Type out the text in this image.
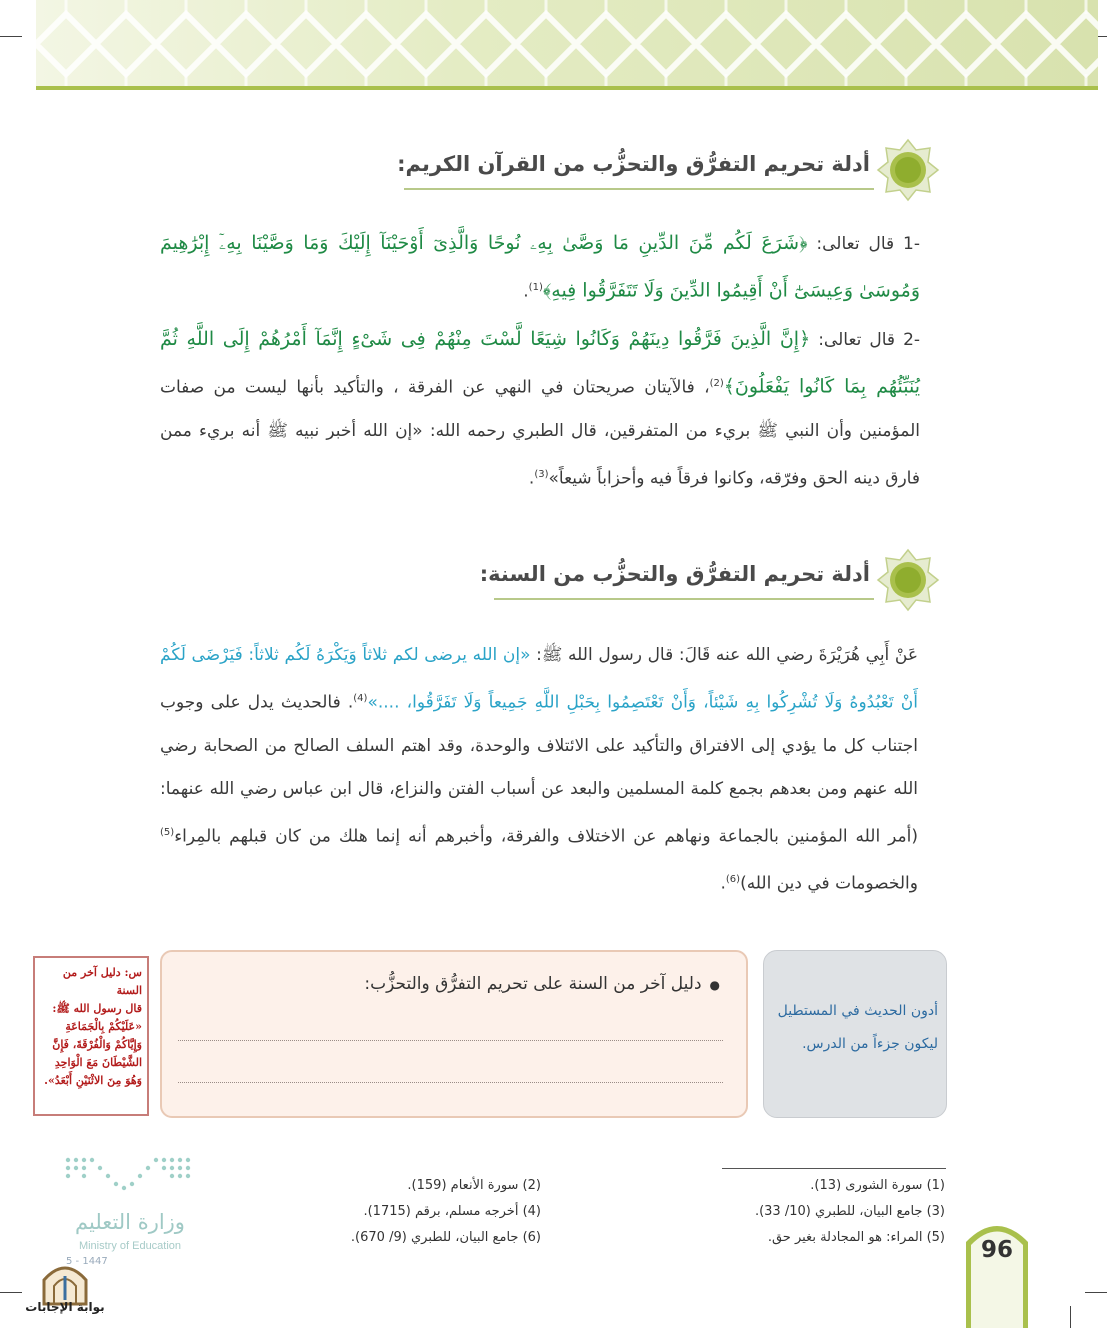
أدلة تحريم التفرُّق والتحزُّب من القرآن الكريم:
-1 قال تعالى: ﴿شَرَعَ لَكُم مِّنَ الدِّينِ مَا وَصَّىٰ بِهِۦ نُوحًا وَالَّذِىٓ أَوْحَيْنَآ إِلَيْكَ وَمَا وَصَّيْنَا بِهِۦٓ إِبْرَٰهِيمَ وَمُوسَىٰ وَعِيسَىٰٓ أَنْ أَقِيمُوا الدِّينَ وَلَا تَتَفَرَّقُوا فِيهِ﴾$^{(1)}$.
-2 قال تعالى: ﴿إِنَّ الَّذِينَ فَرَّقُوا دِينَهُمْ وَكَانُوا شِيَعًا لَّسْتَ مِنْهُمْ فِى شَىْءٍ إِنَّمَآ أَمْرُهُمْ إِلَى اللَّهِ ثُمَّ يُنَبِّئُهُم بِمَا كَانُوا يَفْعَلُونَ﴾$^{(2)}$، فالآيتان صريحتان في النهي عن الفرقة ، والتأكيد بأنها ليست من صفات المؤمنين وأن النبي ﷺ بريء من المتفرقين، قال الطبري رحمه الله: «إن الله أخبر نبيه ﷺ أنه بريء ممن فارق دينه الحق وفرّقه، وكانوا فرقاً فيه وأحزاباً شيعاً»$^{(3)}$.
أدلة تحريم التفرُّق والتحزُّب من السنة:
عَنْ أَبِي هُرَيْرَةَ رضي الله عنه قَالَ: قال رسول الله ﷺ: «إن الله يرضى لكم ثلاثاً وَيَكْرَهُ لَكُم ثلاثاً: فَيَرْضَى لَكُمْ أَنْ تَعْبُدُوهُ وَلَا تُشْرِكُوا بِهِ شَيْئاً، وَأَنْ تَعْتَصِمُوا بِحَبْلِ اللَّهِ جَمِيعاً وَلَا تَفَرَّقُوا، ....»$^{(4)}$. فالحديث يدل على وجوب اجتناب كل ما يؤدي إلى الافتراق والتأكيد على الائتلاف والوحدة، وقد اهتم السلف الصالح من الصحابة رضي الله عنهم ومن بعدهم بجمع كلمة المسلمين والبعد عن أسباب الفتن والنزاع، قال ابن عباس رضي الله عنهما: (أمر الله المؤمنين بالجماعة ونهاهم عن الاختلاف والفرقة، وأخبرهم أنه إنما هلك من كان قبلهم بالمِراء$^{(5)}$ والخصومات في دين الله)$^{(6)}$.
س: دليل آخر من السنة
قال رسول الله ﷺ: «عَلَيْكُمْ بِالْجَمَاعَةِ وَإِيَّاكُمْ وَالْفُرْقَةَ، فَإِنَّ الشَّيْطَانَ مَعَ الْوَاحِدِ وَهُوَ مِنَ الاثْنَيْنِ أَبْعَدُ».
●دليل آخر من السنة على تحريم التفرُّق والتحزُّب:
أدون الحديث في المستطيل
ليكون جزءاً من الدرس.
(1) سورة الشورى (13).
(2) سورة الأنعام (159).
(3) جامع البيان، للطبري (10/ 33).
(4) أخرجه مسلم، برقم (1715).
(5) المراء: هو المجادلة بغير حق.
(6) جامع البيان، للطبري (9/ 670).	96
وزارة التعليم
Ministry of Education
5 - 1447
بوابة الإجابات
